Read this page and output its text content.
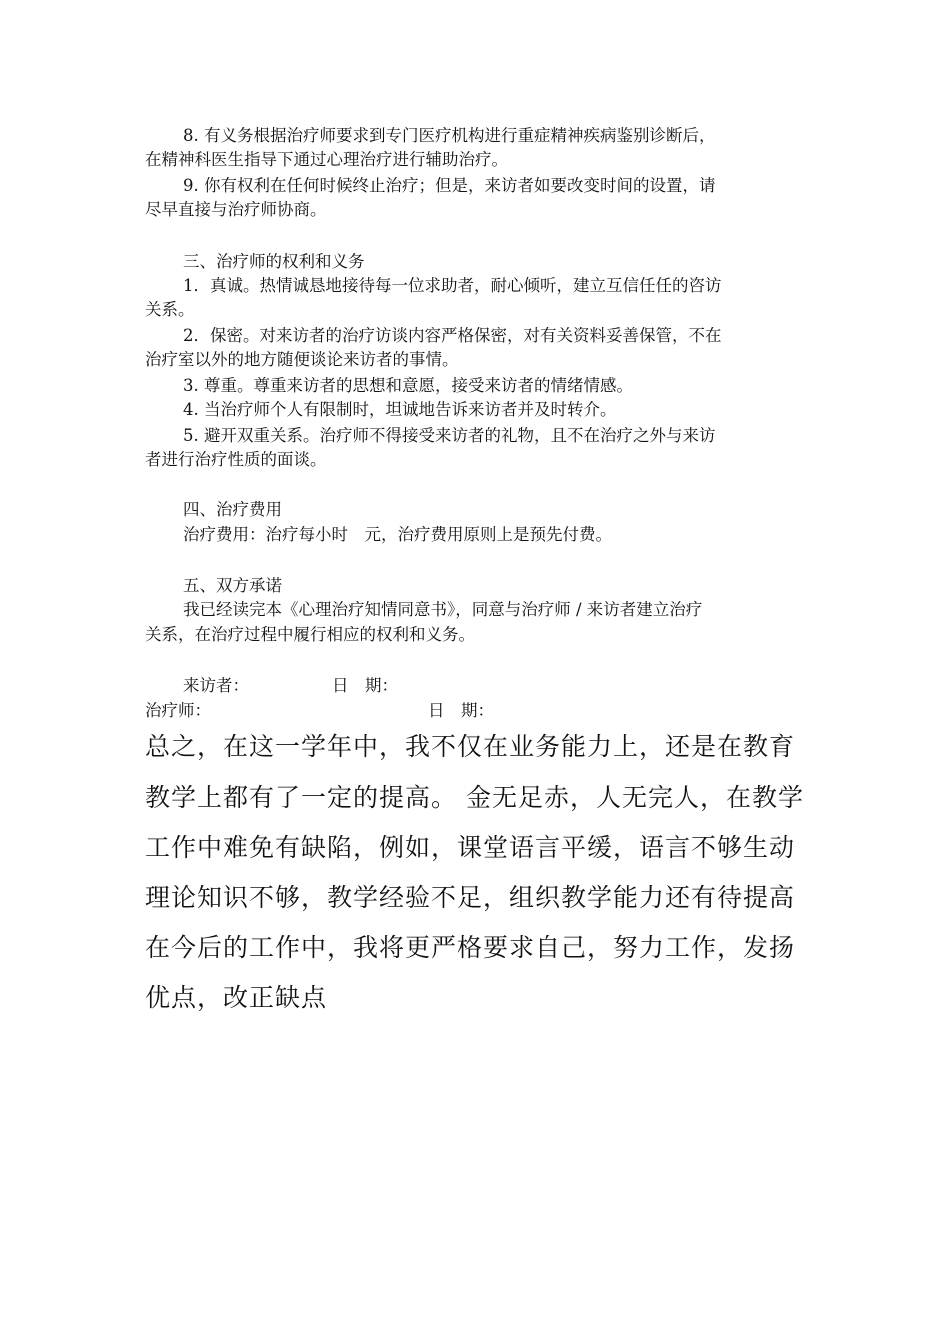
8. 有义务根据治疗师要求到专门医疗机构进行重症精神疾病鉴别诊断后，
在精神科医生指导下通过心理治疗进行辅助治疗。
9. 你有权利在任何时候终止治疗；但是，来访者如要改变时间的设置，请
尽早直接与治疗师协商。
三、治疗师的权利和义务
1．真诚。热情诚恳地接待每一位求助者，耐心倾听，建立互信任任的咨访
关系。
2．保密。对来访者的治疗访谈内容严格保密，对有关资料妥善保管，不在
治疗室以外的地方随便谈论来访者的事情。
3. 尊重。尊重来访者的思想和意愿，接受来访者的情绪情感。
4. 当治疗师个人有限制时，坦诚地告诉来访者并及时转介。
5. 避开双重关系。治疗师不得接受来访者的礼物，且不在治疗之外与来访
者进行治疗性质的面谈。
四、治疗费用
治疗费用：治疗每小时　元，治疗费用原则上是预先付费。
五、双方承诺
我已经读完本《心理治疗知情同意书》，同意与治疗师 / 来访者建立治疗
关系，在治疗过程中履行相应的权利和义务。
来访者：	日　期：
治疗师：	日　期：
总之，在这一学年中，我不仅在业务能力上，还是在教育
教学上都有了一定的提高。 金无足赤，人无完人，在教学
工作中难免有缺陷，例如，课堂语言平缓，语言不够生动
理论知识不够，教学经验不足，组织教学能力还有待提高
在今后的工作中，我将更严格要求自己，努力工作，发扬
优点，改正缺点
